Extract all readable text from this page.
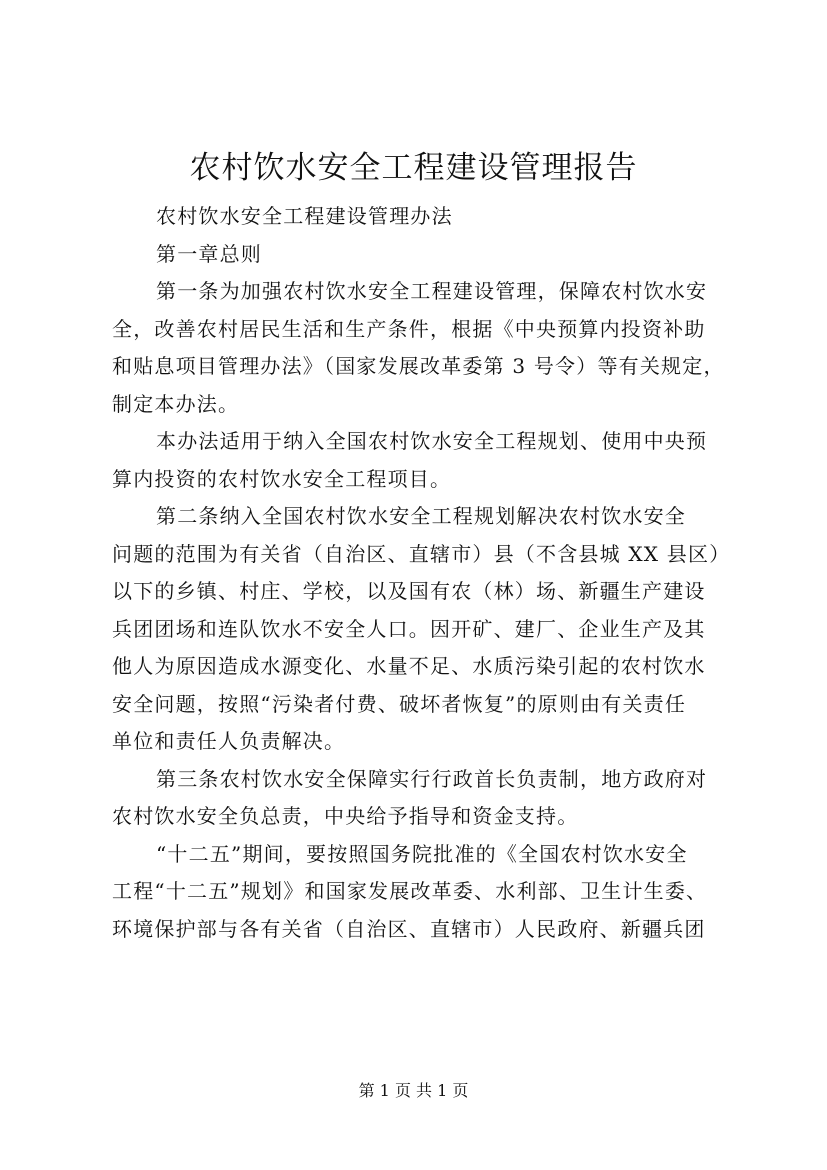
农村饮水安全工程建设管理报告
农村饮水安全工程建设管理办法
第一章总则
第一条为加强农村饮水安全工程建设管理，保障农村饮水安
全，改善农村居民生活和生产条件，根据《中央预算内投资补助
和贴息项目管理办法》（国家发展改革委第 3 号令）等有关规定，
制定本办法。
本办法适用于纳入全国农村饮水安全工程规划、使用中央预
算内投资的农村饮水安全工程项目。
第二条纳入全国农村饮水安全工程规划解决农村饮水安全
问题的范围为有关省（自治区、直辖市）县（不含县城 XX 县区）
以下的乡镇、村庄、学校，以及国有农（林）场、新疆生产建设
兵团团场和连队饮水不安全人口。因开矿、建厂、企业生产及其
他人为原因造成水源变化、水量不足、水质污染引起的农村饮水
安全问题，按照“污染者付费、破坏者恢复”的原则由有关责任
单位和责任人负责解决。
第三条农村饮水安全保障实行行政首长负责制，地方政府对
农村饮水安全负总责，中央给予指导和资金支持。
“十二五”期间，要按照国务院批准的《全国农村饮水安全
工程“十二五”规划》和国家发展改革委、水利部、卫生计生委、
环境保护部与各有关省（自治区、直辖市）人民政府、新疆兵团
第 1 页 共 1 页
